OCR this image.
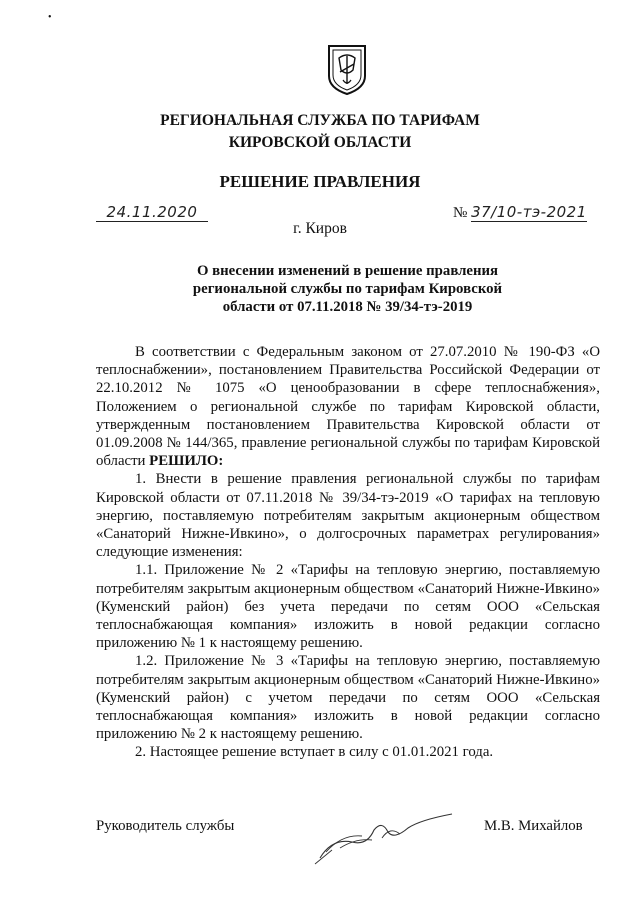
•
РЕГИОНАЛЬНАЯ СЛУЖБА ПО ТАРИФАМ
КИРОВСКОЙ ОБЛАСТИ
РЕШЕНИЕ ПРАВЛЕНИЯ
24.11.2020	№ 37/10-тэ-2021
г. Киров
О внесении изменений в решение правления
региональной службы по тарифам Кировской
области от 07.11.2018 № 39/34-тэ-2019

В соответствии с Федеральным законом от 27.07.2010 № 190-ФЗ «О теплоснабжении», постановлением Правительства Российской Федерации от 22.10.2012 № 1075 «О ценообразовании в сфере теплоснабжения», Положением о региональной службе по тарифам Кировской области, утвержденным постановлением Правительства Кировской области от 01.09.2008 № 144/365, правление региональной службы по тарифам Кировской области РЕШИЛО:

1. Внести в решение правления региональной службы по тарифам Кировской области от 07.11.2018 № 39/34-тэ-2019 «О тарифах на тепловую энергию, поставляемую потребителям закрытым акционерным обществом «Санаторий Нижне-Ивкино», о долгосрочных параметрах регулирования» следующие изменения:

1.1. Приложение № 2 «Тарифы на тепловую энергию, поставляемую потребителям закрытым акционерным обществом «Санаторий Нижне-Ивкино» (Куменский район) без учета передачи по сетям ООО «Сельская теплоснабжающая компания» изложить в новой редакции согласно приложению № 1 к настоящему решению.

1.2. Приложение № 3 «Тарифы на тепловую энергию, поставляемую потребителям закрытым акционерным обществом «Санаторий Нижне-Ивкино» (Куменский район) с учетом передачи по сетям ООО «Сельская теплоснабжающая компания» изложить в новой редакции согласно приложению № 2 к настоящему решению.

2. Настоящее решение вступает в силу с 01.01.2021 года.

Руководитель службы	М.В. Михайлов
